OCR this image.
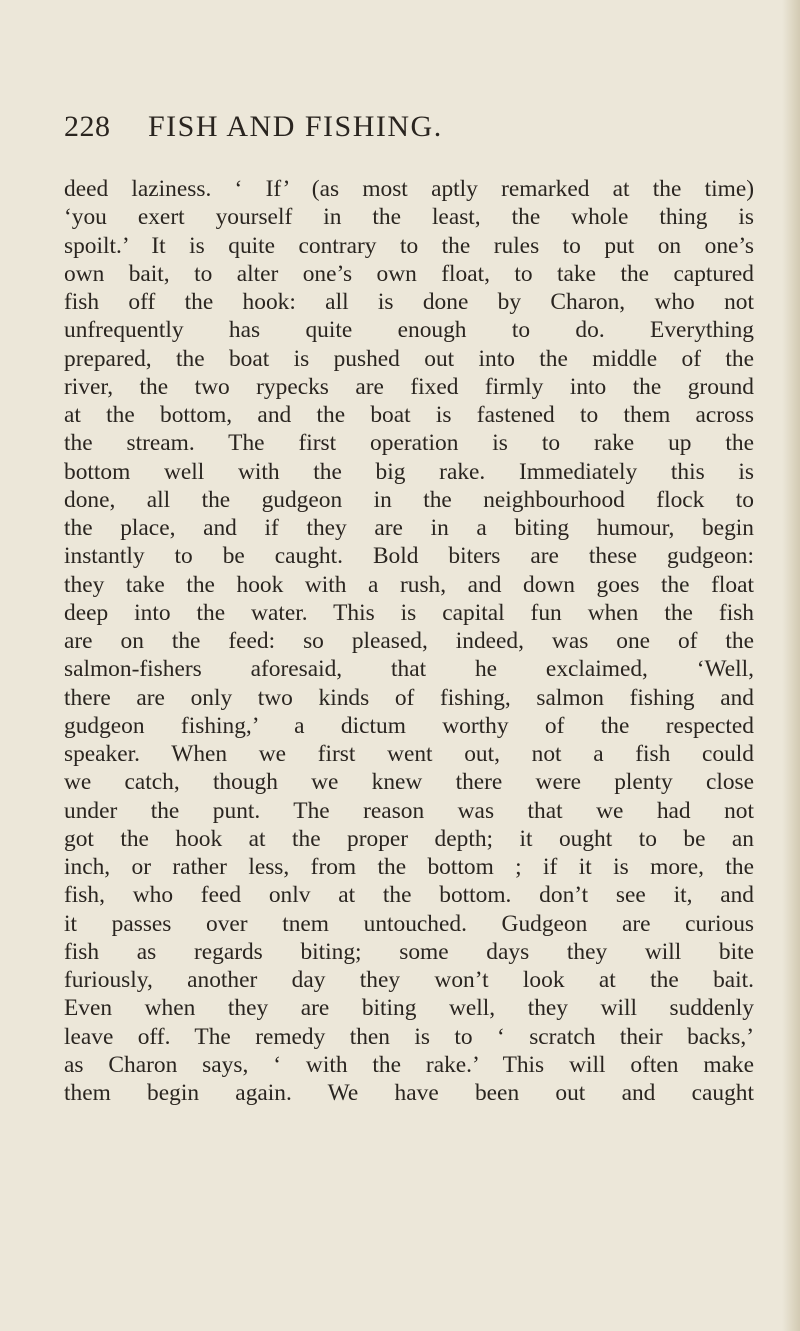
228 FISH AND FISHING.
deed laziness. ‘ If’ (as most aptly remarked at the time)
‘you exert yourself in the least, the whole thing is
spoilt.’ It is quite contrary to the rules to put on one’s
own bait, to alter one’s own float, to take the captured
fish off the hook: all is done by Charon, who not
unfrequently has quite enough to do. Everything
prepared, the boat is pushed out into the middle of the
river, the two rypecks are fixed firmly into the ground
at the bottom, and the boat is fastened to them across
the stream. The first operation is to rake up the
bottom well with the big rake. Immediately this is
done, all the gudgeon in the neighbourhood flock to
the place, and if they are in a biting humour, begin
instantly to be caught. Bold biters are these gudgeon:
they take the hook with a rush, and down goes the float
deep into the water. This is capital fun when the fish
are on the feed: so pleased, indeed, was one of the
salmon-fishers aforesaid, that he exclaimed, ‘Well,
there are only two kinds of fishing, salmon fishing and
gudgeon fishing,’ a dictum worthy of the respected
speaker. When we first went out, not a fish could
we catch, though we knew there were plenty close
under the punt. The reason was that we had not
got the hook at the proper depth; it ought to be an
inch, or rather less, from the bottom ; if it is more, the
fish, who feed onlv at the bottom. don’t see it, and
it passes over tnem untouched. Gudgeon are curious
fish as regards biting; some days they will bite
furiously, another day they won’t look at the bait.
Even when they are biting well, they will suddenly
leave off. The remedy then is to ‘ scratch their backs,’
as Charon says, ‘ with the rake.’ This will often make
them begin again. We have been out and caught
